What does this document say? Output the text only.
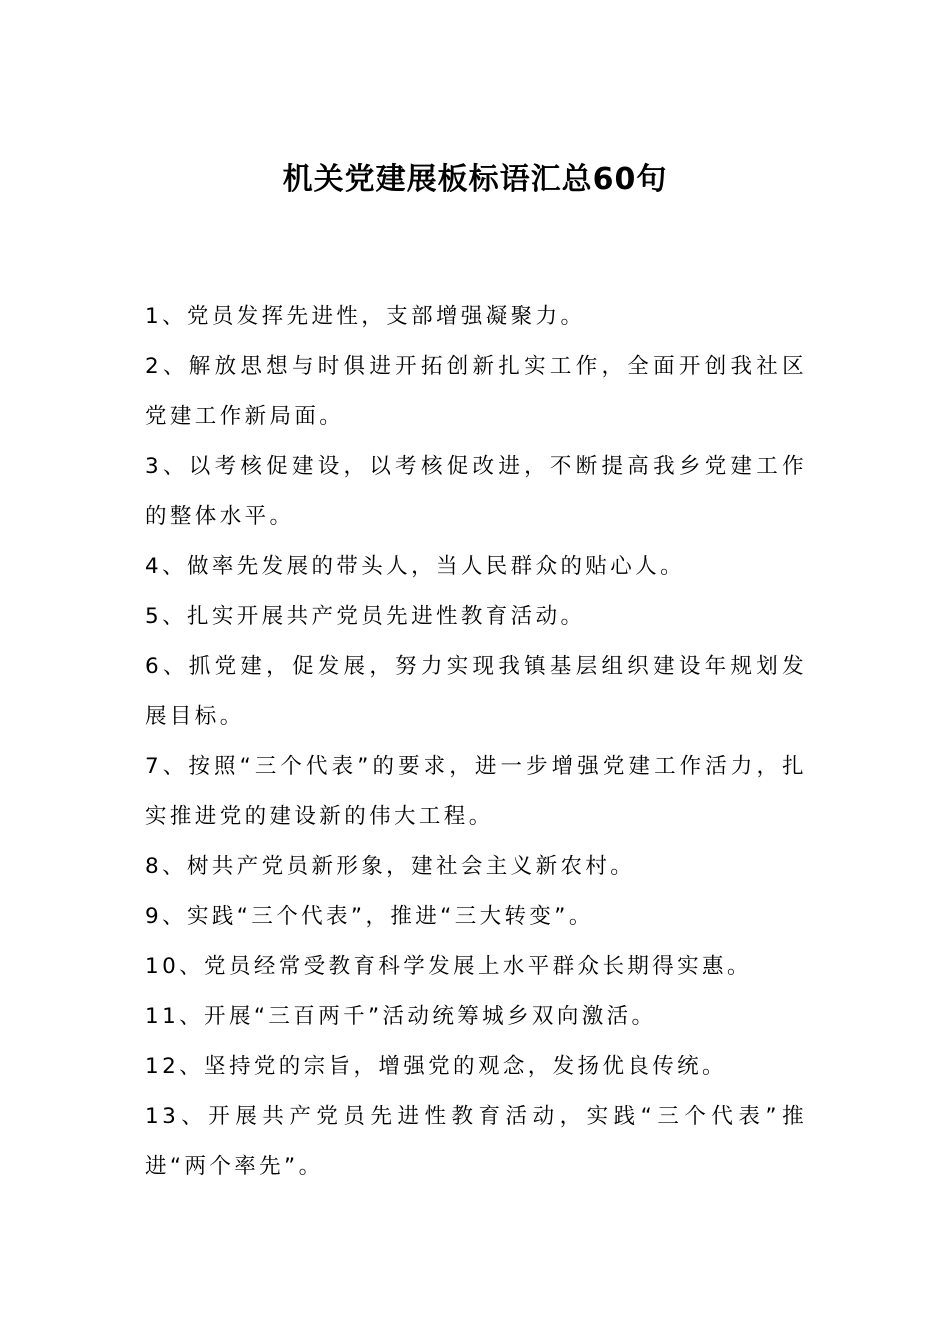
机关党建展板标语汇总60句
1、党员发挥先进性，支部增强凝聚力。
2、解放思想与时俱进开拓创新扎实工作，全面开创我社区党建工作新局面。
3、以考核促建设，以考核促改进，不断提高我乡党建工作的整体水平。
4、做率先发展的带头人，当人民群众的贴心人。
5、扎实开展共产党员先进性教育活动。
6、抓党建，促发展，努力实现我镇基层组织建设年规划发展目标。
7、按照“三个代表”的要求，进一步增强党建工作活力，扎实推进党的建设新的伟大工程。
8、树共产党员新形象，建社会主义新农村。
9、实践“三个代表”，推进“三大转变”。
10、党员经常受教育科学发展上水平群众长期得实惠。
11、开展“三百两千”活动统筹城乡双向激活。
12、坚持党的宗旨，增强党的观念，发扬优良传统。
13、开展共产党员先进性教育活动，实践“三个代表”推进“两个率先”。
